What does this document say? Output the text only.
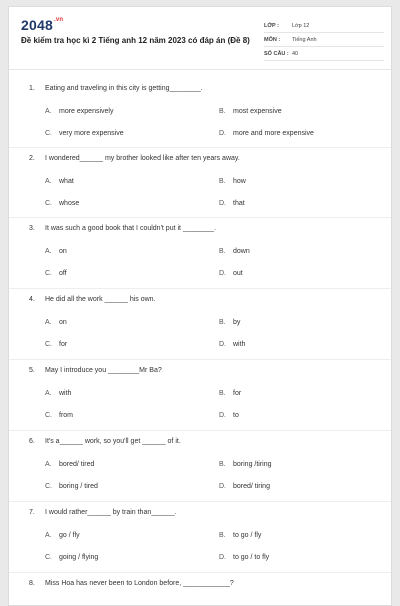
$2048^{.vn}$
Đề kiểm tra học kì 2 Tiếng anh 12 năm 2023 có đáp án (Đề 8)
LỚP :	Lớp 12
MÔN :	Tiếng Anh
SỐ CÂU : 40
1.	Eating and traveling in this city is getting________.
A. more expensively	B. most expensive
C. very more expensive	D. more and more expensive
2.	I wondered______ my brother looked like after ten years away.
A. what	B. how
C. whose	D. that
3.	It was such a good book that I couldn't put it ________.
A. on	B. down
C. off	D. out
4.	He did all the work ______ his own.
A. on	B. by
C. for	D. with
5.	May I introduce you ________Mr Ba?
A. with	B. for
C. from	D. to
6.	It's a______ work, so you'll get ______ of it.
A. bored/ tired	B. boring /tiring
C. boring / tired	D. bored/ tiring
7.	I would rather______ by train than______.
A. go / fly	B. to go / fly
C. going / flying	D. to go / to fly
8.	Miss Hoa has never been to London before, ____________?
